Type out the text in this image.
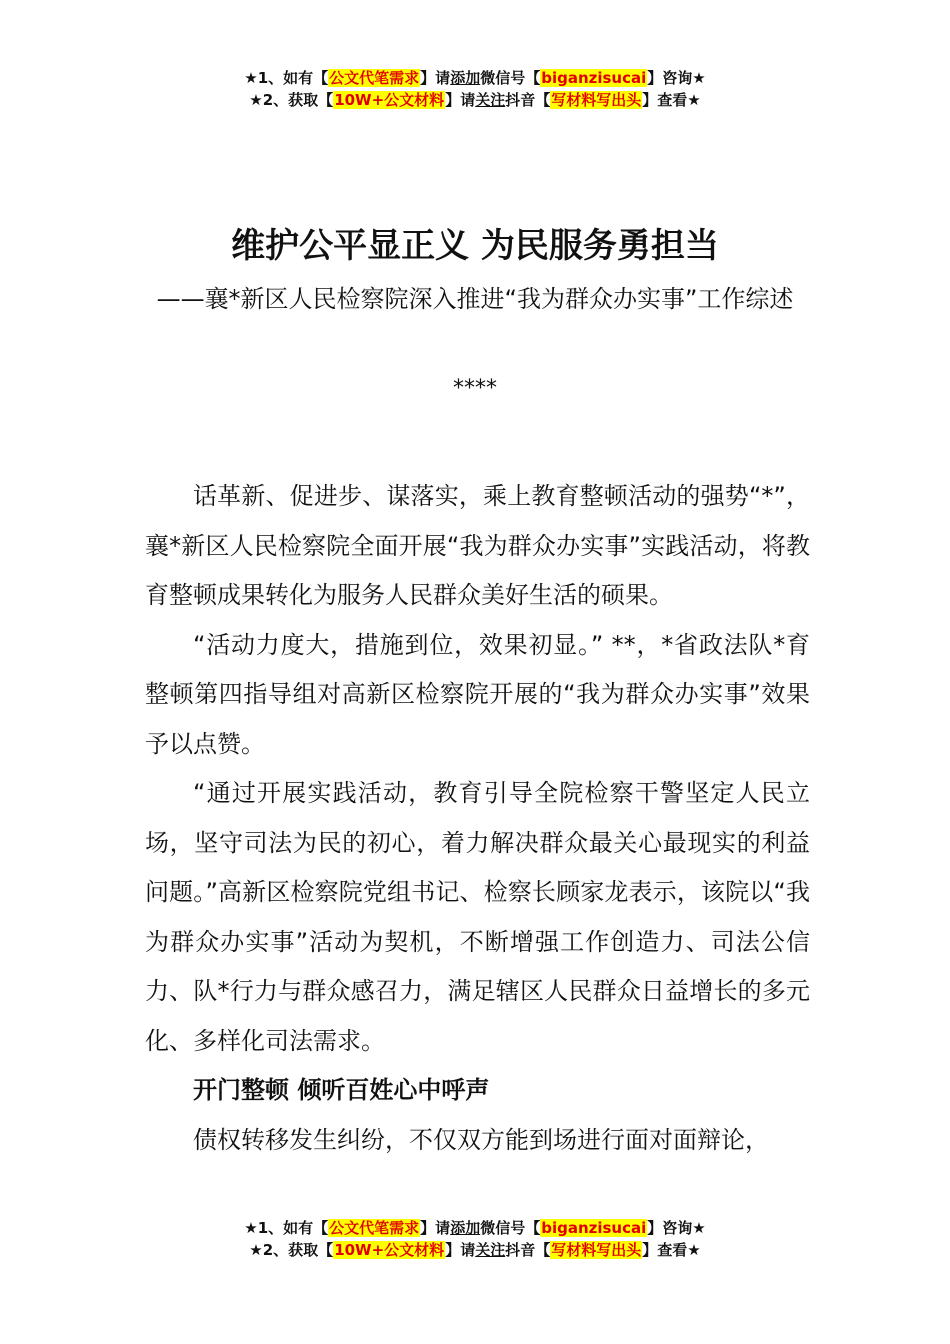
★1、如有【公文代笔需求】请添加微信号【biganzisucai】咨询★
★2、获取【10W+公文材料】请关注抖音【写材料写出头】查看★
维护公平显正义 为民服务勇担当
——襄*新区人民检察院深入推进“我为群众办实事”工作综述
****

话革新、促进步、谋落实，乘上教育整顿活动的强势“*”，襄*新区人民检察院全面开展“我为群众办实事”实践活动，将教育整顿成果转化为服务人民群众美好生活的硕果。

“活动力度大，措施到位，效果初显。” **，*省政法队*育整顿第四指导组对高新区检察院开展的“我为群众办实事”效果予以点赞。

“通过开展实践活动，教育引导全院检察干警坚定人民立场，坚守司法为民的初心，着力解决群众最关心最现实的利益问题。”高新区检察院党组书记、检察长顾家龙表示，该院以“我为群众办实事”活动为契机，不断增强工作创造力、司法公信力、队*行力与群众感召力，满足辖区人民群众日益增长的多元化、多样化司法需求。

开门整顿 倾听百姓心中呼声

债权转移发生纠纷，不仅双方能到场进行面对面辩论，

★1、如有【公文代笔需求】请添加微信号【biganzisucai】咨询★
★2、获取【10W+公文材料】请关注抖音【写材料写出头】查看★
